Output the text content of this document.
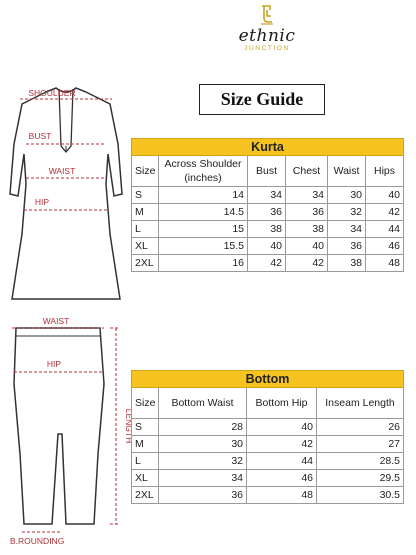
ethnic
JUNCTION
Size Guide
SHOULDER
BUST
WAIST
HIP
WAIST
HIP
LENGTH
B.ROUNDING
Kurta					
Size	Across Shoulder (inches)	Bust	Chest	Waist	Hips
S	14	34	34	30	40
M	14.5	36	36	32	42
L	15	38	38	34	44
XL	15.5	40	40	36	46
2XL	16	42	42	38	48
Bottom			
Size	Bottom Waist	Bottom Hip	Inseam Length
S	28	40	26
M	30	42	27
L	32	44	28.5
XL	34	46	29.5
2XL	36	48	30.5
